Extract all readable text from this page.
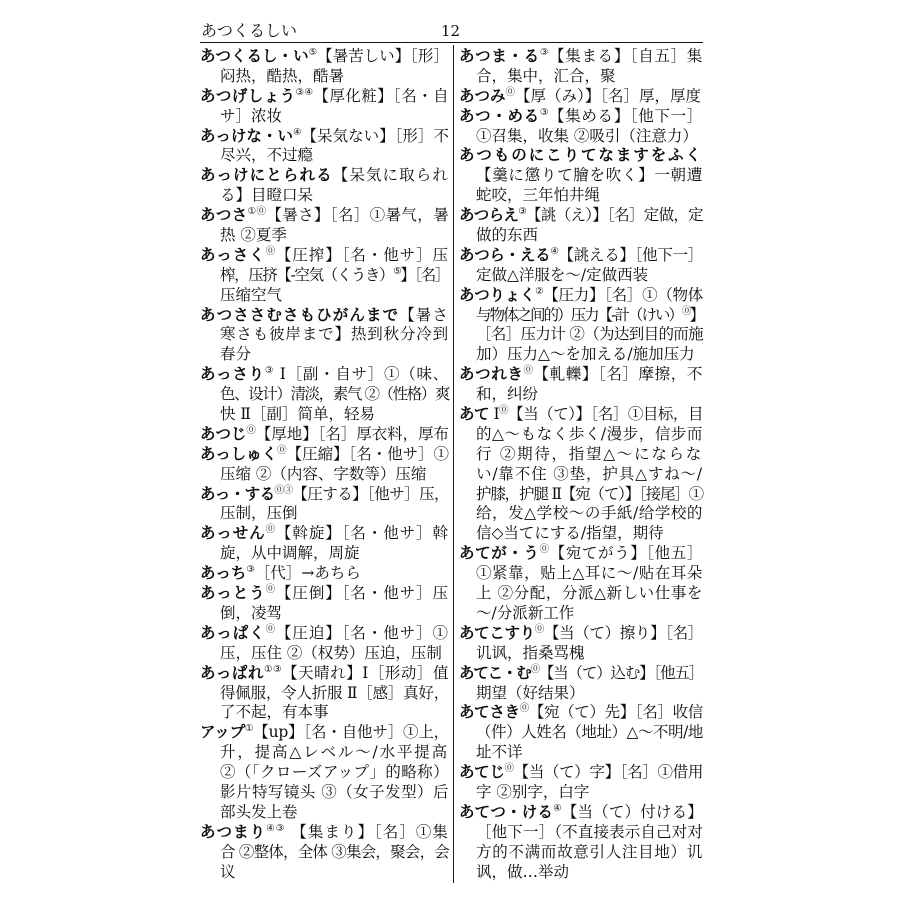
あつくるしい	12
あつくるし・い⑤【暑苦しい】［形］
闷热，酷热，酷暑
あつげしょう③④【厚化粧】［名・自
サ］浓妆
あっけな・い④【呆気ない】［形］不
尽兴，不过瘾
あっけにとられる【呆気に取られ
る】目瞪口呆
あつさ①⓪【暑さ】［名］①暑气，暑
热 ②夏季
あっさく⓪【圧搾】［名・他サ］压
榨，压挤【-空気（くうき）⑤】［名］
压缩空气
あつささむさもひがんまで【暑さ
寒さも彼岸まで】热到秋分冷到
春分
あっさり③ Ⅰ［副・自サ］①（味、
色、设计）清淡，素气 ②（性格）爽
快 Ⅱ［副］简单，轻易
あつじ⓪【厚地】［名］厚衣料，厚布
あっしゅく⓪【圧縮】［名・他サ］①
压缩 ②（内容、字数等）压缩
あっ・する⓪③【圧する】［他サ］压，
压制，压倒
あっせん⓪【斡旋】［名・他サ］斡
旋，从中调解，周旋
あっち③［代］→あちら
あっとう⓪【圧倒】［名・他サ］压
倒，凌驾
あっぱく⓪【圧迫】［名・他サ］①
压，压住 ②（权势）压迫，压制
あっぱれ①③【天晴れ】Ⅰ［形动］值
得佩服，令人折服 Ⅱ［感］真好，
了不起，有本事
アップ①【up】［名・自他サ］①上，
升，提高△レベル～/水平提高
②（「クローズアップ」的略称）
影片特写镜头 ③（女子发型）后
部头发上卷
あつまり④③ 【集まり】［名］①集
合 ②整体，全体 ③集会，聚会，会
议
あつま・る③【集まる】［自五］集
合，集中，汇合，聚
あつみ⓪【厚（み）】［名］厚，厚度
あつ・める③【集める】［他下一］
①召集，收集 ②吸引（注意力）
あつものにこりてなますをふく
【羹に懲りて膾を吹く】一朝遭
蛇咬，三年怕井绳
あつらえ③【誂（え）】［名］定做，定
做的东西
あつら・える④【誂える】［他下一］
定做△洋服を～/定做西装
あつりょく②【圧力】［名］①（物体
与物体之间的）压力【-計（けい）⓪】
［名］压力计 ②（为达到目的而施
加）压力△～を加える/施加压力
あつれき⓪【軋轢】［名］摩擦，不
和，纠纷
あて Ⅰ⓪【当（て）】［名］①目标，目
的△～もなく歩く/漫步，信步而
行 ②期待，指望△～にならな
い/靠不住 ③垫，护具△すね～/
护膝，护腿 Ⅱ【宛（て）】［接尾］①
给，发△学校～の手紙/给学校的
信◇当てにする/指望，期待
あてが・う⓪【宛てがう】［他五］
①紧靠，贴上△耳に～/贴在耳朵
上 ②分配，分派△新しい仕事を
～/分派新工作
あてこすり⓪【当（て）擦り】［名］
讥讽，指桑骂槐
あてこ・む⓪【当（て）込む】［他五］
期望（好结果）
あてさき⓪【宛（て）先】［名］收信
（件）人姓名（地址）△～不明/地
址不详
あてじ⓪【当（て）字】［名］①借用
字 ②别字，白字
あてつ・ける④【当（て）付ける】
［他下一］（不直接表示自己对对
方的不满而故意引人注目地）讥
讽，做…举动
